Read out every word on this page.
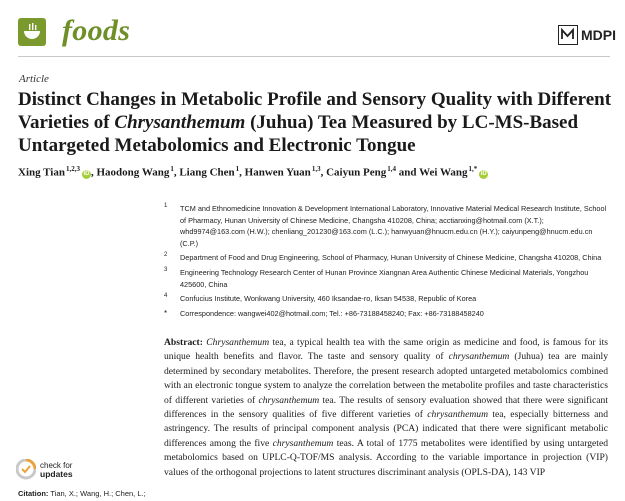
foods	MDPI
Article
Distinct Changes in Metabolic Profile and Sensory Quality with Different Varieties of Chrysanthemum (Juhua) Tea Measured by LC-MS-Based Untargeted Metabolomics and Electronic Tongue
Xing Tian$^{1,2,3}$iD , Haodong Wang$^1$, Liang Chen$^1$, Hanwen Yuan$^{1,3}$, Caiyun Peng$^{1,4}$ and Wei Wang$^{1,*}$iD
1 TCM and Ethnomedicine Innovation & Development International Laboratory, Innovative Material Medical Research Institute, School of Pharmacy, Hunan University of Chinese Medicine, Changsha 410208, China; acctianxing@hotmail.com (X.T.); whd9974@163.com (H.W.); chenliang_201230@163.com (L.C.); hanwyuan@hnucm.edu.cn (H.Y.); caiyunpeng@hnucm.edu.cn (C.P.)
2 Department of Food and Drug Engineering, School of Pharmacy, Hunan University of Chinese Medicine, Changsha 410208, China
3 Engineering Technology Research Center of Hunan Province Xiangnan Area Authentic Chinese Medicinal Materials, Yongzhou 425600, China
4 Confucius Institute, Wonkwang University, 460 Iksandae-ro, Iksan 54538, Republic of Korea
* Correspondence: wangwei402@hotmail.com; Tel.: +86-73188458240; Fax: +86-73188458240

Abstract: Chrysanthemum tea, a typical health tea with the same origin as medicine and food, is famous for its unique health benefits and flavor. The taste and sensory quality of chrysanthemum (Juhua) tea are mainly determined by secondary metabolites. Therefore, the present research adopted untargeted metabolomics combined with an electronic tongue system to analyze the correlation between the metabolite profiles and taste characteristics of different varieties of chrysanthemum tea. The results of sensory evaluation showed that there were significant differences in the sensory qualities of five different varieties of chrysanthemum tea, especially bitterness and astringency. The results of principal component analysis (PCA) indicated that there were significant metabolic differences among the five chrysanthemum teas. A total of 1775 metabolites were identified by using untargeted metabolomics based on UPLC-Q-TOF/MS analysis. According to the variable importance in projection (VIP) values of the orthogonal projections to latent structures discriminant analysis (OPLS-DA), 143 VIP

check for
updates
Citation: Tian, X.; Wang, H.; Chen, L.;
